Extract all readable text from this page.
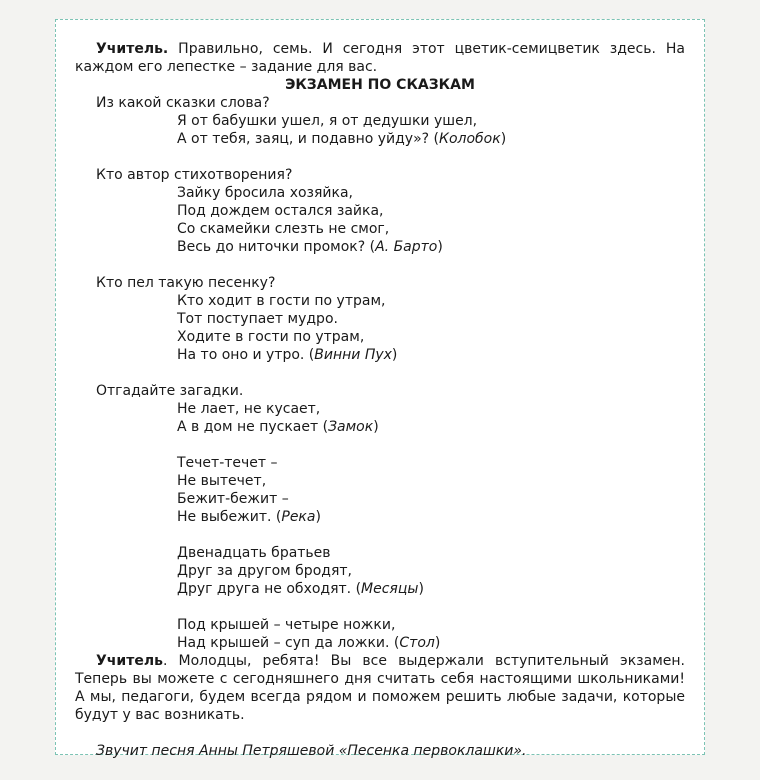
Учитель. Правильно, семь. И сегодня этот цветик-семицветик здесь. На каждом его лепестке – задание для вас.

ЭКЗАМЕН ПО СКАЗКАМ

Из какой сказки слова?

Я от бабушки ушел, я от дедушки ушел,
А от тебя, заяц, и подавно уйду»? (Колобок)

Кто автор стихотворения?

Зайку бросила хозяйка,
Под дождем остался зайка,
Со скамейки слезть не смог,
Весь до ниточки промок? (А. Барто)

Кто пел такую песенку?

Кто ходит в гости по утрам,
Тот поступает мудро.
Ходите в гости по утрам,
На то оно и утро. (Винни Пух)

Отгадайте загадки.

Не лает, не кусает,
А в дом не пускает (Замок)
Течет-течет –
Не вытечет,
Бежит-бежит –
Не выбежит. (Река)
Двенадцать братьев
Друг за другом бродят,
Друг друга не обходят. (Месяцы)
Под крышей – четыре ножки,
Над крышей – суп да ложки. (Стол)

Учитель. Молодцы, ребята! Вы все выдержали вступительный экзамен. Теперь вы можете с сегодняшнего дня считать себя настоящими школьниками! А мы, педагоги, будем всегда рядом и поможем решить любые задачи, которые будут у вас возникать.

Звучит песня Анны Петряшевой «Песенка первоклашки».
